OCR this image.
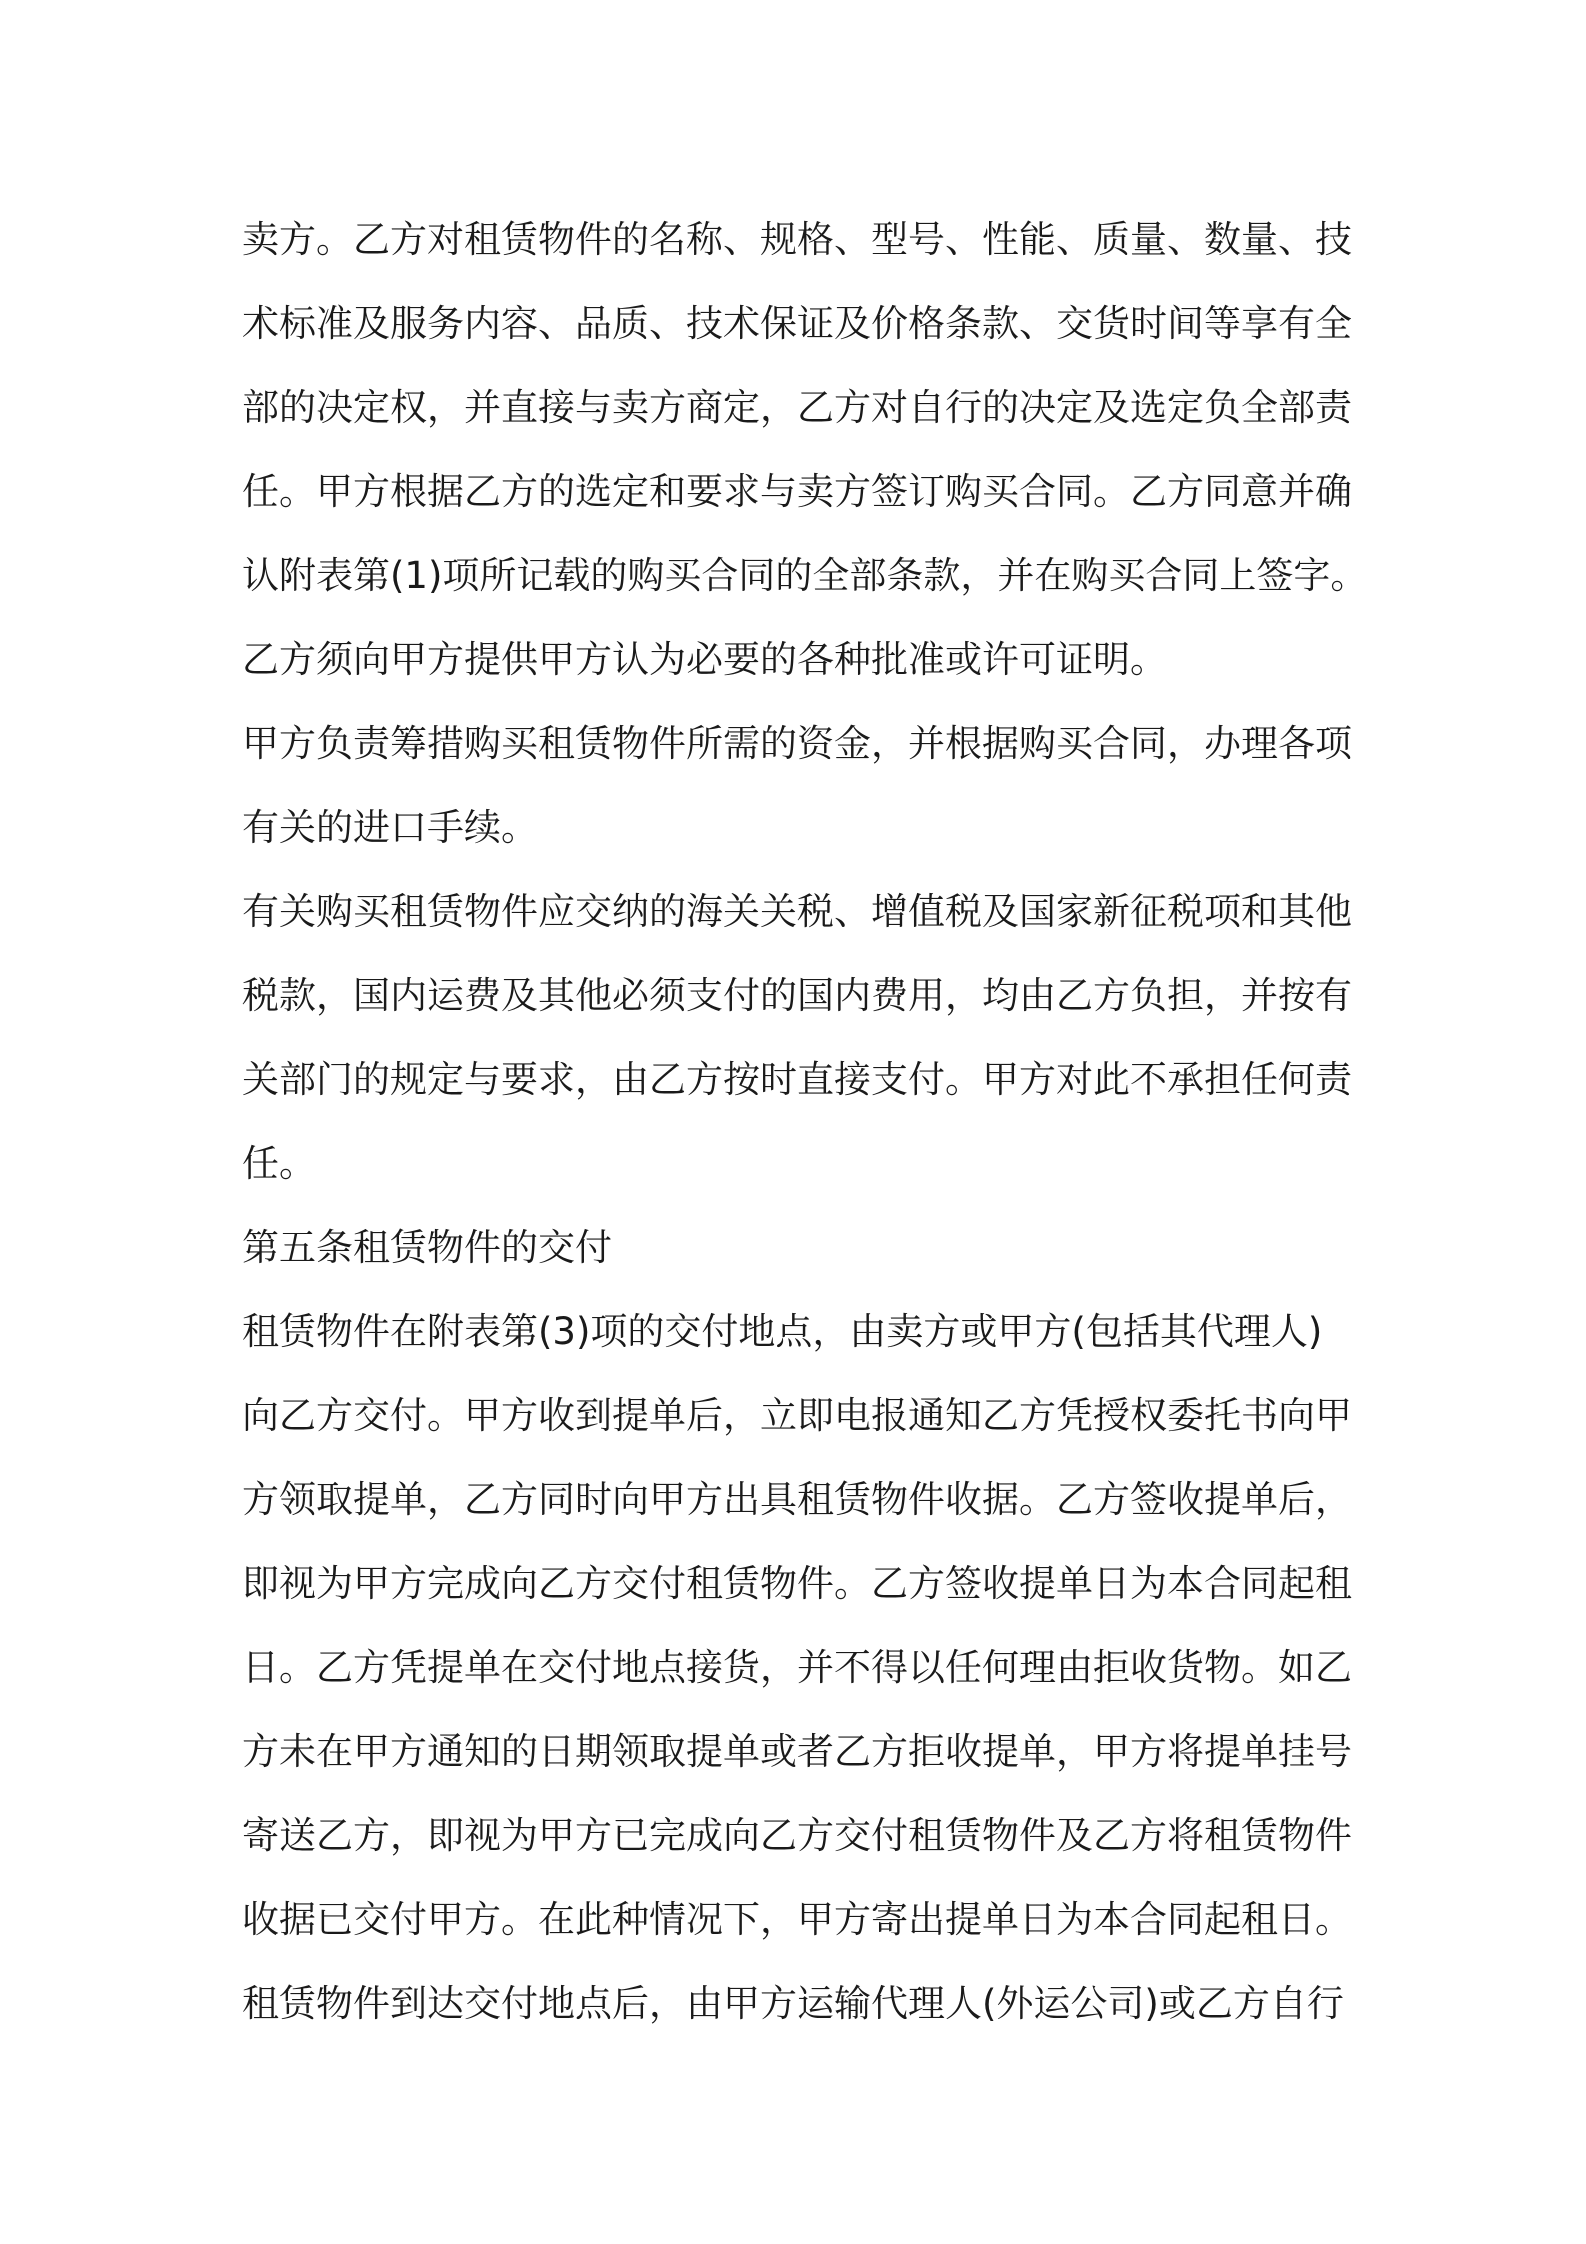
卖方。乙方对租赁物件的名称、规格、型号、性能、质量、数量、技
术标准及服务内容、品质、技术保证及价格条款、交货时间等享有全
部的决定权，并直接与卖方商定，乙方对自行的决定及选定负全部责
任。甲方根据乙方的选定和要求与卖方签订购买合同。乙方同意并确
认附表第(1)项所记载的购买合同的全部条款，并在购买合同上签字。
乙方须向甲方提供甲方认为必要的各种批准或许可证明。
甲方负责筹措购买租赁物件所需的资金，并根据购买合同，办理各项
有关的进口手续。
有关购买租赁物件应交纳的海关关税、增值税及国家新征税项和其他
税款，国内运费及其他必须支付的国内费用，均由乙方负担，并按有
关部门的规定与要求，由乙方按时直接支付。甲方对此不承担任何责
任。
第五条租赁物件的交付
租赁物件在附表第(3)项的交付地点，由卖方或甲方(包括其代理人)
向乙方交付。甲方收到提单后，立即电报通知乙方凭授权委托书向甲
方领取提单，乙方同时向甲方出具租赁物件收据。乙方签收提单后，
即视为甲方完成向乙方交付租赁物件。乙方签收提单日为本合同起租
日。乙方凭提单在交付地点接货，并不得以任何理由拒收货物。如乙
方未在甲方通知的日期领取提单或者乙方拒收提单，甲方将提单挂号
寄送乙方，即视为甲方已完成向乙方交付租赁物件及乙方将租赁物件
收据已交付甲方。在此种情况下，甲方寄出提单日为本合同起租日。
租赁物件到达交付地点后，由甲方运输代理人(外运公司)或乙方自行
